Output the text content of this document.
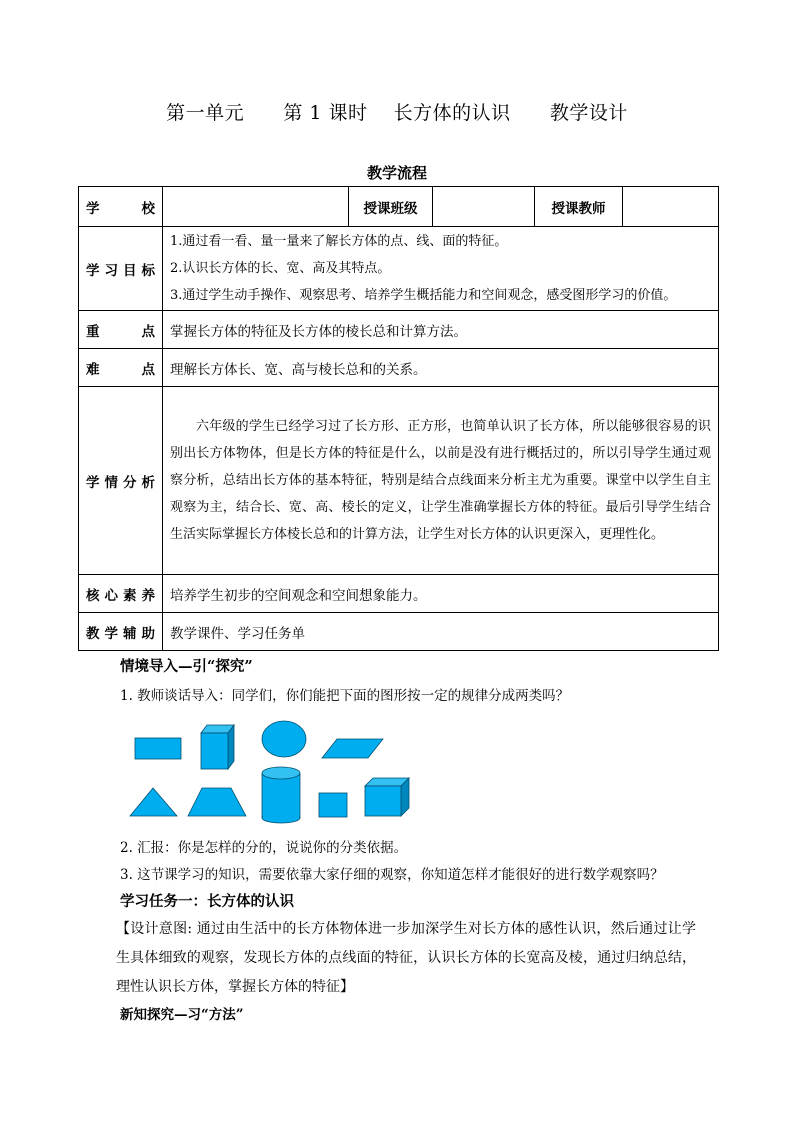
第一单元      第 1 课时    长方体的认识      教学设计
教学流程
学 校		授课班级		授课教师	
学习目标	1.通过看一看、量一量来了解长方体的点、线、面的特征。
2.认识长方体的长、宽、高及其特点。
3.通过学生动手操作、观察思考、培养学生概括能力和空间观念，感受图形学习的价值。				

重 点	掌握长方体的特征及长方体的棱长总和计算方法。				
难 点	理解长方体长、宽、高与棱长总和的关系。				
学情分析	六年级的学生已经学习过了长方形、正方形，也简单认识了长方体，所以能够很容易的识别出长方体物体，但是长方体的特征是什么，以前是没有进行概括过的，所以引导学生通过观察分析，总结出长方体的基本特征，特别是结合点线面来分析主尤为重要。课堂中以学生自主观察为主，结合长、宽、高、棱长的定义，让学生准确掌握长方体的特征。最后引导学生结合生活实际掌握长方体棱长总和的计算方法，让学生对长方体的认识更深入，更理性化。				

核心素养	培养学生初步的空间观念和空间想象能力。				
教学辅助	教学课件、学习任务单				
情境导入—引“探究”
1. 教师谈话导入：同学们，你们能把下面的图形按一定的规律分成两类吗？
2. 汇报：你是怎样的分的，说说你的分类依据。
3. 这节课学习的知识，需要依靠大家仔细的观察，你知道怎样才能很好的进行数学观察吗？
学习任务一：长方体的认识
【设计意图: 通过由生活中的长方体物体进一步加深学生对长方体的感性认识，然后通过让学生具体细致的观察，发现长方体的点线面的特征，认识长方体的长宽高及棱，通过归纳总结，理性认识长方体，掌握长方体的特征】
新知探究—习“方法”
